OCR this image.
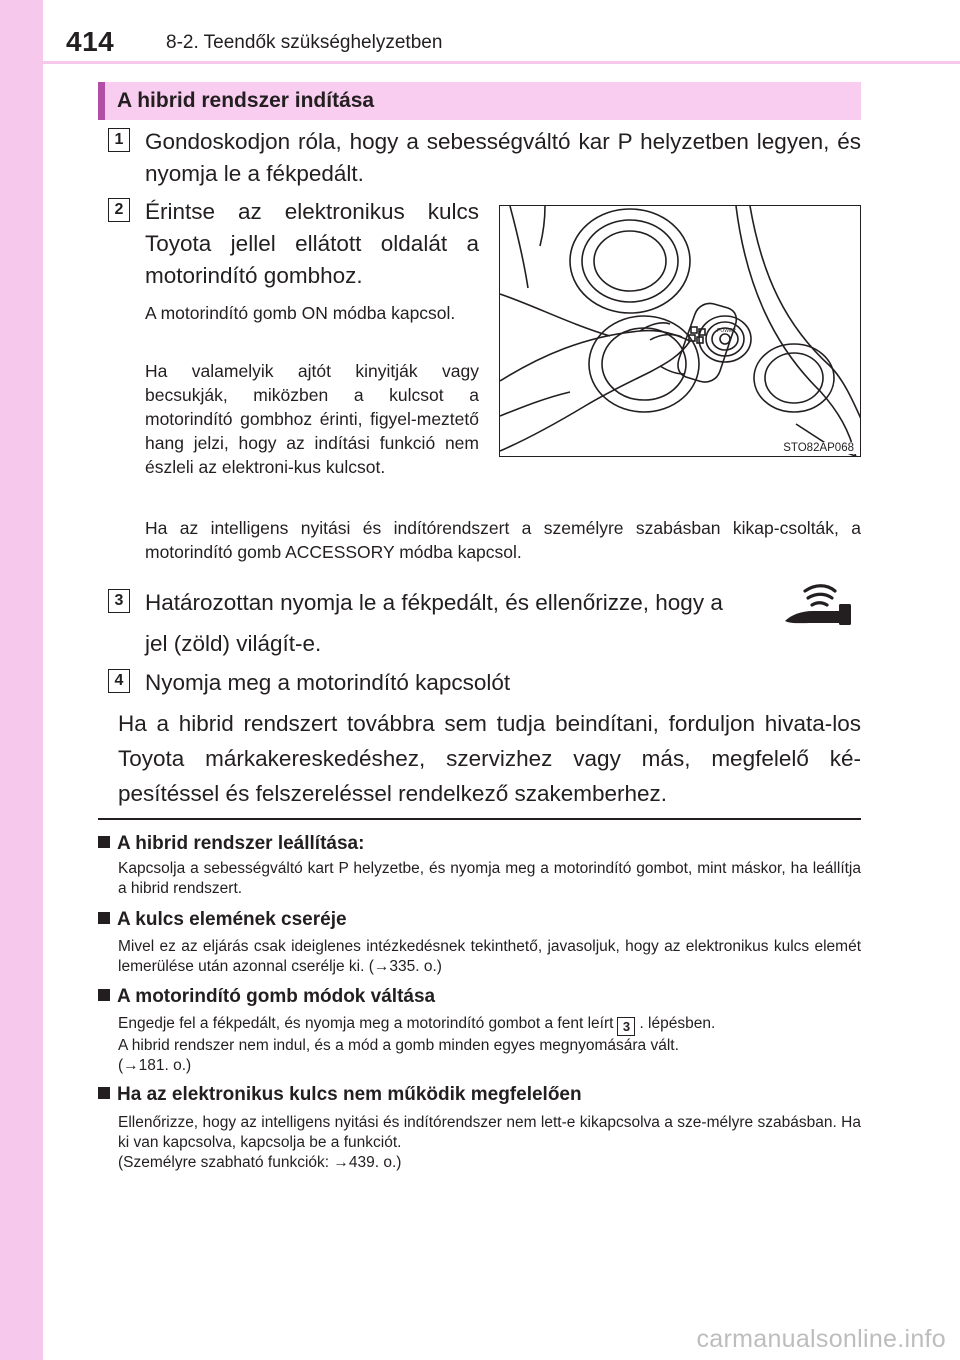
414	8-2. Teendők szükséghelyzetben
A hibrid rendszer indítása
1 Gondoskodjon róla, hogy a sebességváltó kar P helyzetben legyen, és nyomja le a fékpedált.

2 Érintse az elektronikus kulcs Toyota jellel ellátott oldalát a motorindító gombhoz.

A motorindító gomb ON módba kapcsol.

Ha valamelyik ajtót kinyitják vagy becsukják, miközben a kulcsot a motorindító gombhoz érinti, figyel-meztető hang jelzi, hogy az indítási funkció nem észleli az elektroni-kus kulcsot.

POWER
STO82AP068

Ha az intelligens nyitási és indítórendszert a személyre szabásban kikap-csolták, a motorindító gomb ACCESSORY módba kapcsol.

3 Határozottan nyomja le a fékpedált, és ellenőrizze, hogy a

jel (zöld) világít-e.

4 Nyomja meg a motorindító kapcsolót

Ha a hibrid rendszert továbbra sem tudja beindítani, forduljon hivata-los Toyota márkakereskedéshez, szervizhez vagy más, megfelelő ké-pesítéssel és felszereléssel rendelkező szakemberhez.

A hibrid rendszer leállítása:

Kapcsolja a sebességváltó kart P helyzetbe, és nyomja meg a motorindító gombot, mint máskor, ha leállítja a hibrid rendszert.

A kulcs elemének cseréje

Mivel ez az eljárás csak ideiglenes intézkedésnek tekinthető, javasoljuk, hogy az elektronikus kulcs elemét lemerülése után azonnal cserélje ki. (→335. o.)

A motorindító gomb módok váltása

Engedje fel a fékpedált, és nyomja meg a motorindító gombot a fent leírt 3 . lépésben.
A hibrid rendszer nem indul, és a mód a gomb minden egyes megnyomására vált.
(→181. o.)

Ha az elektronikus kulcs nem működik megfelelően

Ellenőrizze, hogy az intelligens nyitási és indítórendszer nem lett-e kikapcsolva a sze-mélyre szabásban. Ha ki van kapcsolva, kapcsolja be a funkciót.
(Személyre szabható funkciók: →439. o.)

carmanualsonline.info
